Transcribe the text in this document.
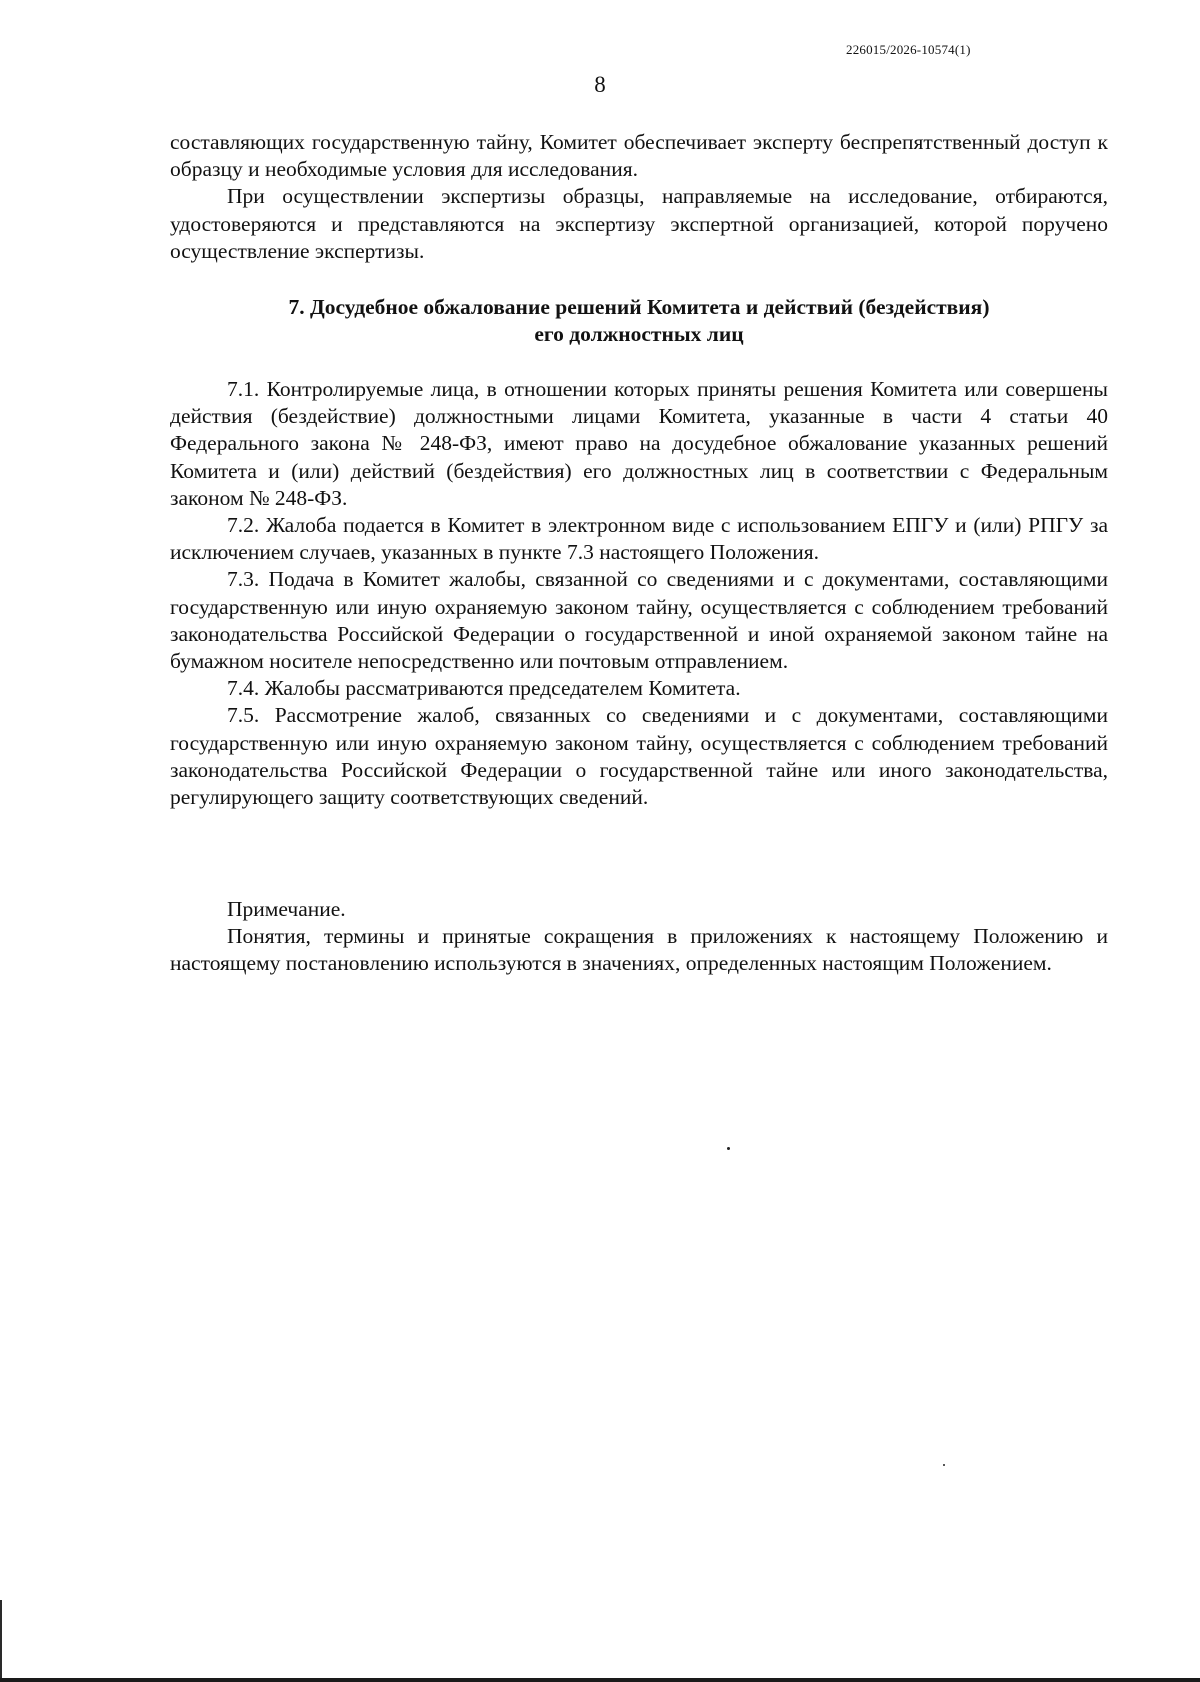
226015/2026-10574(1)
8

составляющих государственную тайну, Комитет обеспечивает эксперту беспрепятственный доступ к образцу и необходимые условия для исследования.

При осуществлении экспертизы образцы, направляемые на исследование, отбираются, удостоверяются и представляются на экспертизу экспертной организацией, которой поручено осуществление экспертизы.

7. Досудебное обжалование решений Комитета и действий (бездействия)
его должностных лиц

7.1. Контролируемые лица, в отношении которых приняты решения Комитета или совершены действия (бездействие) должностными лицами Комитета, указанные в части 4 статьи 40 Федерального закона № 248-ФЗ, имеют право на досудебное обжалование указанных решений Комитета и (или) действий (бездействия) его должностных лиц в соответствии с Федеральным законом № 248-ФЗ.

7.2. Жалоба подается в Комитет в электронном виде с использованием ЕПГУ и (или) РПГУ за исключением случаев, указанных в пункте 7.3 настоящего Положения.

7.3. Подача в Комитет жалобы, связанной со сведениями и с документами, составляющими государственную или иную охраняемую законом тайну, осуществляется с соблюдением требований законодательства Российской Федерации о государственной и иной охраняемой законом тайне на бумажном носителе непосредственно или почтовым отправлением.

7.4. Жалобы рассматриваются председателем Комитета.

7.5. Рассмотрение жалоб, связанных со сведениями и с документами, составляющими государственную или иную охраняемую законом тайну, осуществляется с соблюдением требований законодательства Российской Федерации о государственной тайне или иного законодательства, регулирующего защиту соответствующих сведений.

Примечание.

Понятия, термины и принятые сокращения в приложениях к настоящему Положению и настоящему постановлению используются в значениях, определенных настоящим Положением.
